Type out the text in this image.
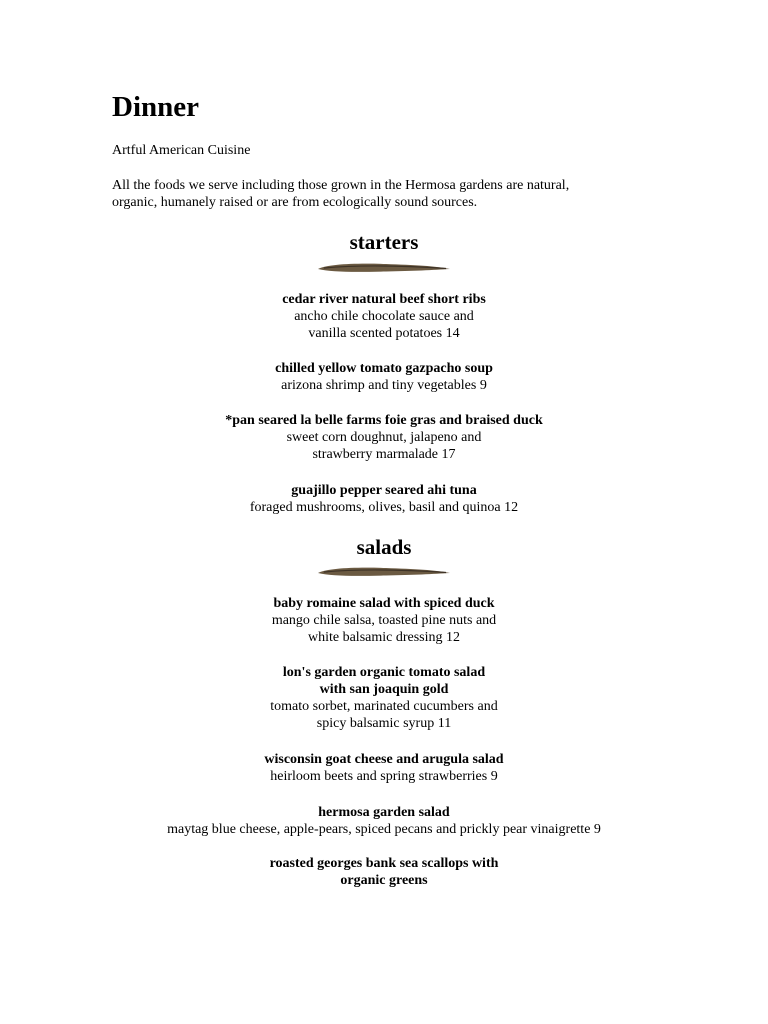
Dinner

Artful American Cuisine

All the foods we serve including those grown in the Hermosa gardens are natural,
organic, humanely raised or are from ecologically sound sources.
starters

cedar river natural beef short ribs

ancho chile chocolate sauce and

vanilla scented potatoes 14

chilled yellow tomato gazpacho soup

arizona shrimp and tiny vegetables 9

*pan seared la belle farms foie gras and braised duck

sweet corn doughnut, jalapeno and

strawberry marmalade 17

guajillo pepper seared ahi tuna

foraged mushrooms, olives, basil and quinoa 12

salads

baby romaine salad with spiced duck

mango chile salsa, toasted pine nuts and

white balsamic dressing 12

lon's garden organic tomato salad

with san joaquin gold

tomato sorbet, marinated cucumbers and

spicy balsamic syrup 11

wisconsin goat cheese and arugula salad

heirloom beets and spring strawberries 9

hermosa garden salad

maytag blue cheese, apple-pears, spiced pecans and prickly pear vinaigrette 9

roasted georges bank sea scallops with

organic greens
